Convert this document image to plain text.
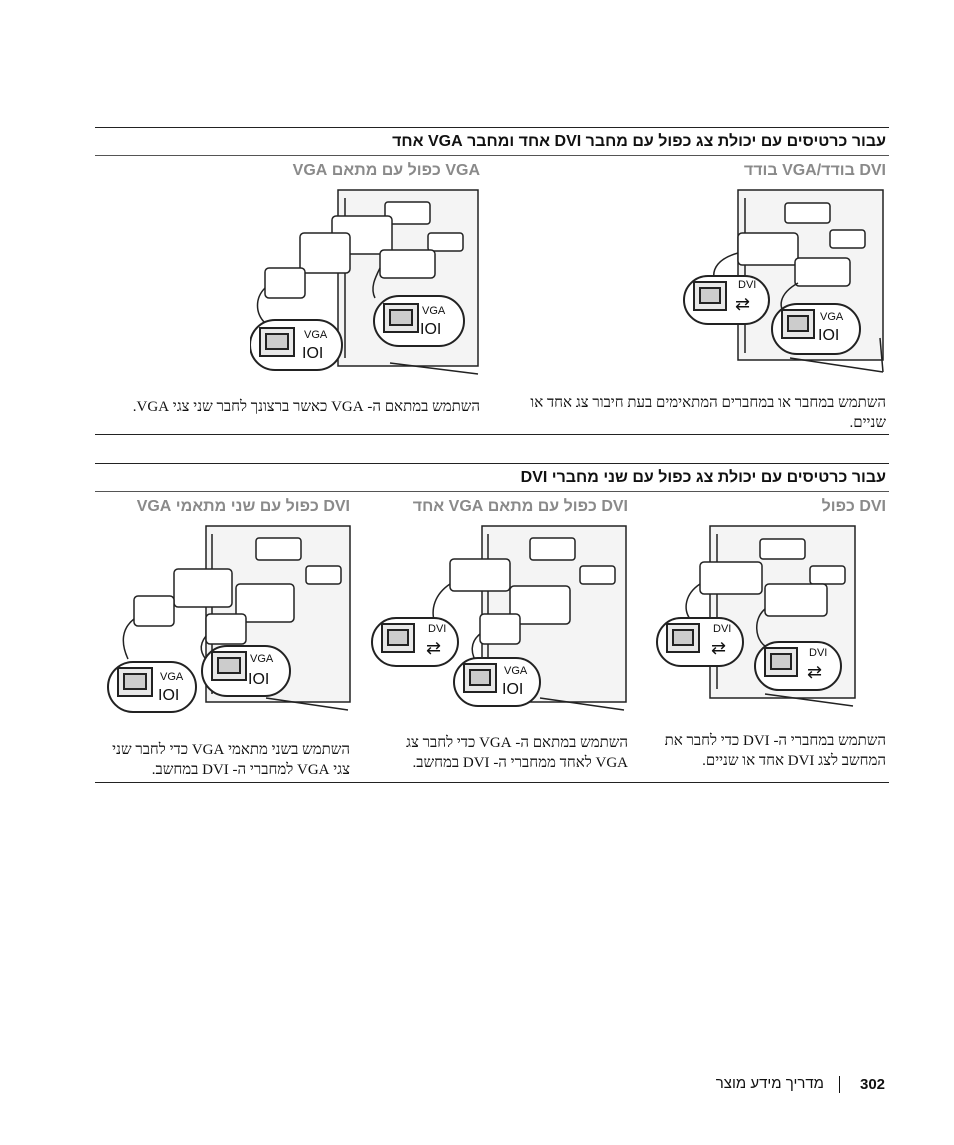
עבור כרטיסים עם יכולת צג כפול עם מחבר DVI אחד ומחבר VGA אחד
DVI בודד/VGA בודד
VGA כפול עם מתאם VGA
DVI
VGA
⇄
IOI
VGA
VGA
IOI
IOI
השתמש במחבר או במחברים המתאימים בעת חיבור צג אחד או שניים.
השתמש במתאם ה- VGA כאשר ברצונך לחבר שני צגי VGA.
עבור כרטיסים עם יכולת צג כפול עם שני מחברי DVI
DVI כפול
DVI כפול עם מתאם VGA אחד
DVI כפול עם שני מתאמי VGA
DVI
DVI
⇄
⇄
DVI
VGA
⇄
IOI
VGA
VGA
IOI
IOI
השתמש במחברי ה- DVI כדי לחבר את המחשב לצג DVI אחד או שניים.
השתמש במתאם ה- VGA כדי לחבר צג VGA לאחד ממחברי ה- DVI במחשב.
השתמש בשני מתאמי VGA כדי לחבר שני צגי VGA למחברי ה- DVI במחשב.
מדריך מידע מוצר 302
